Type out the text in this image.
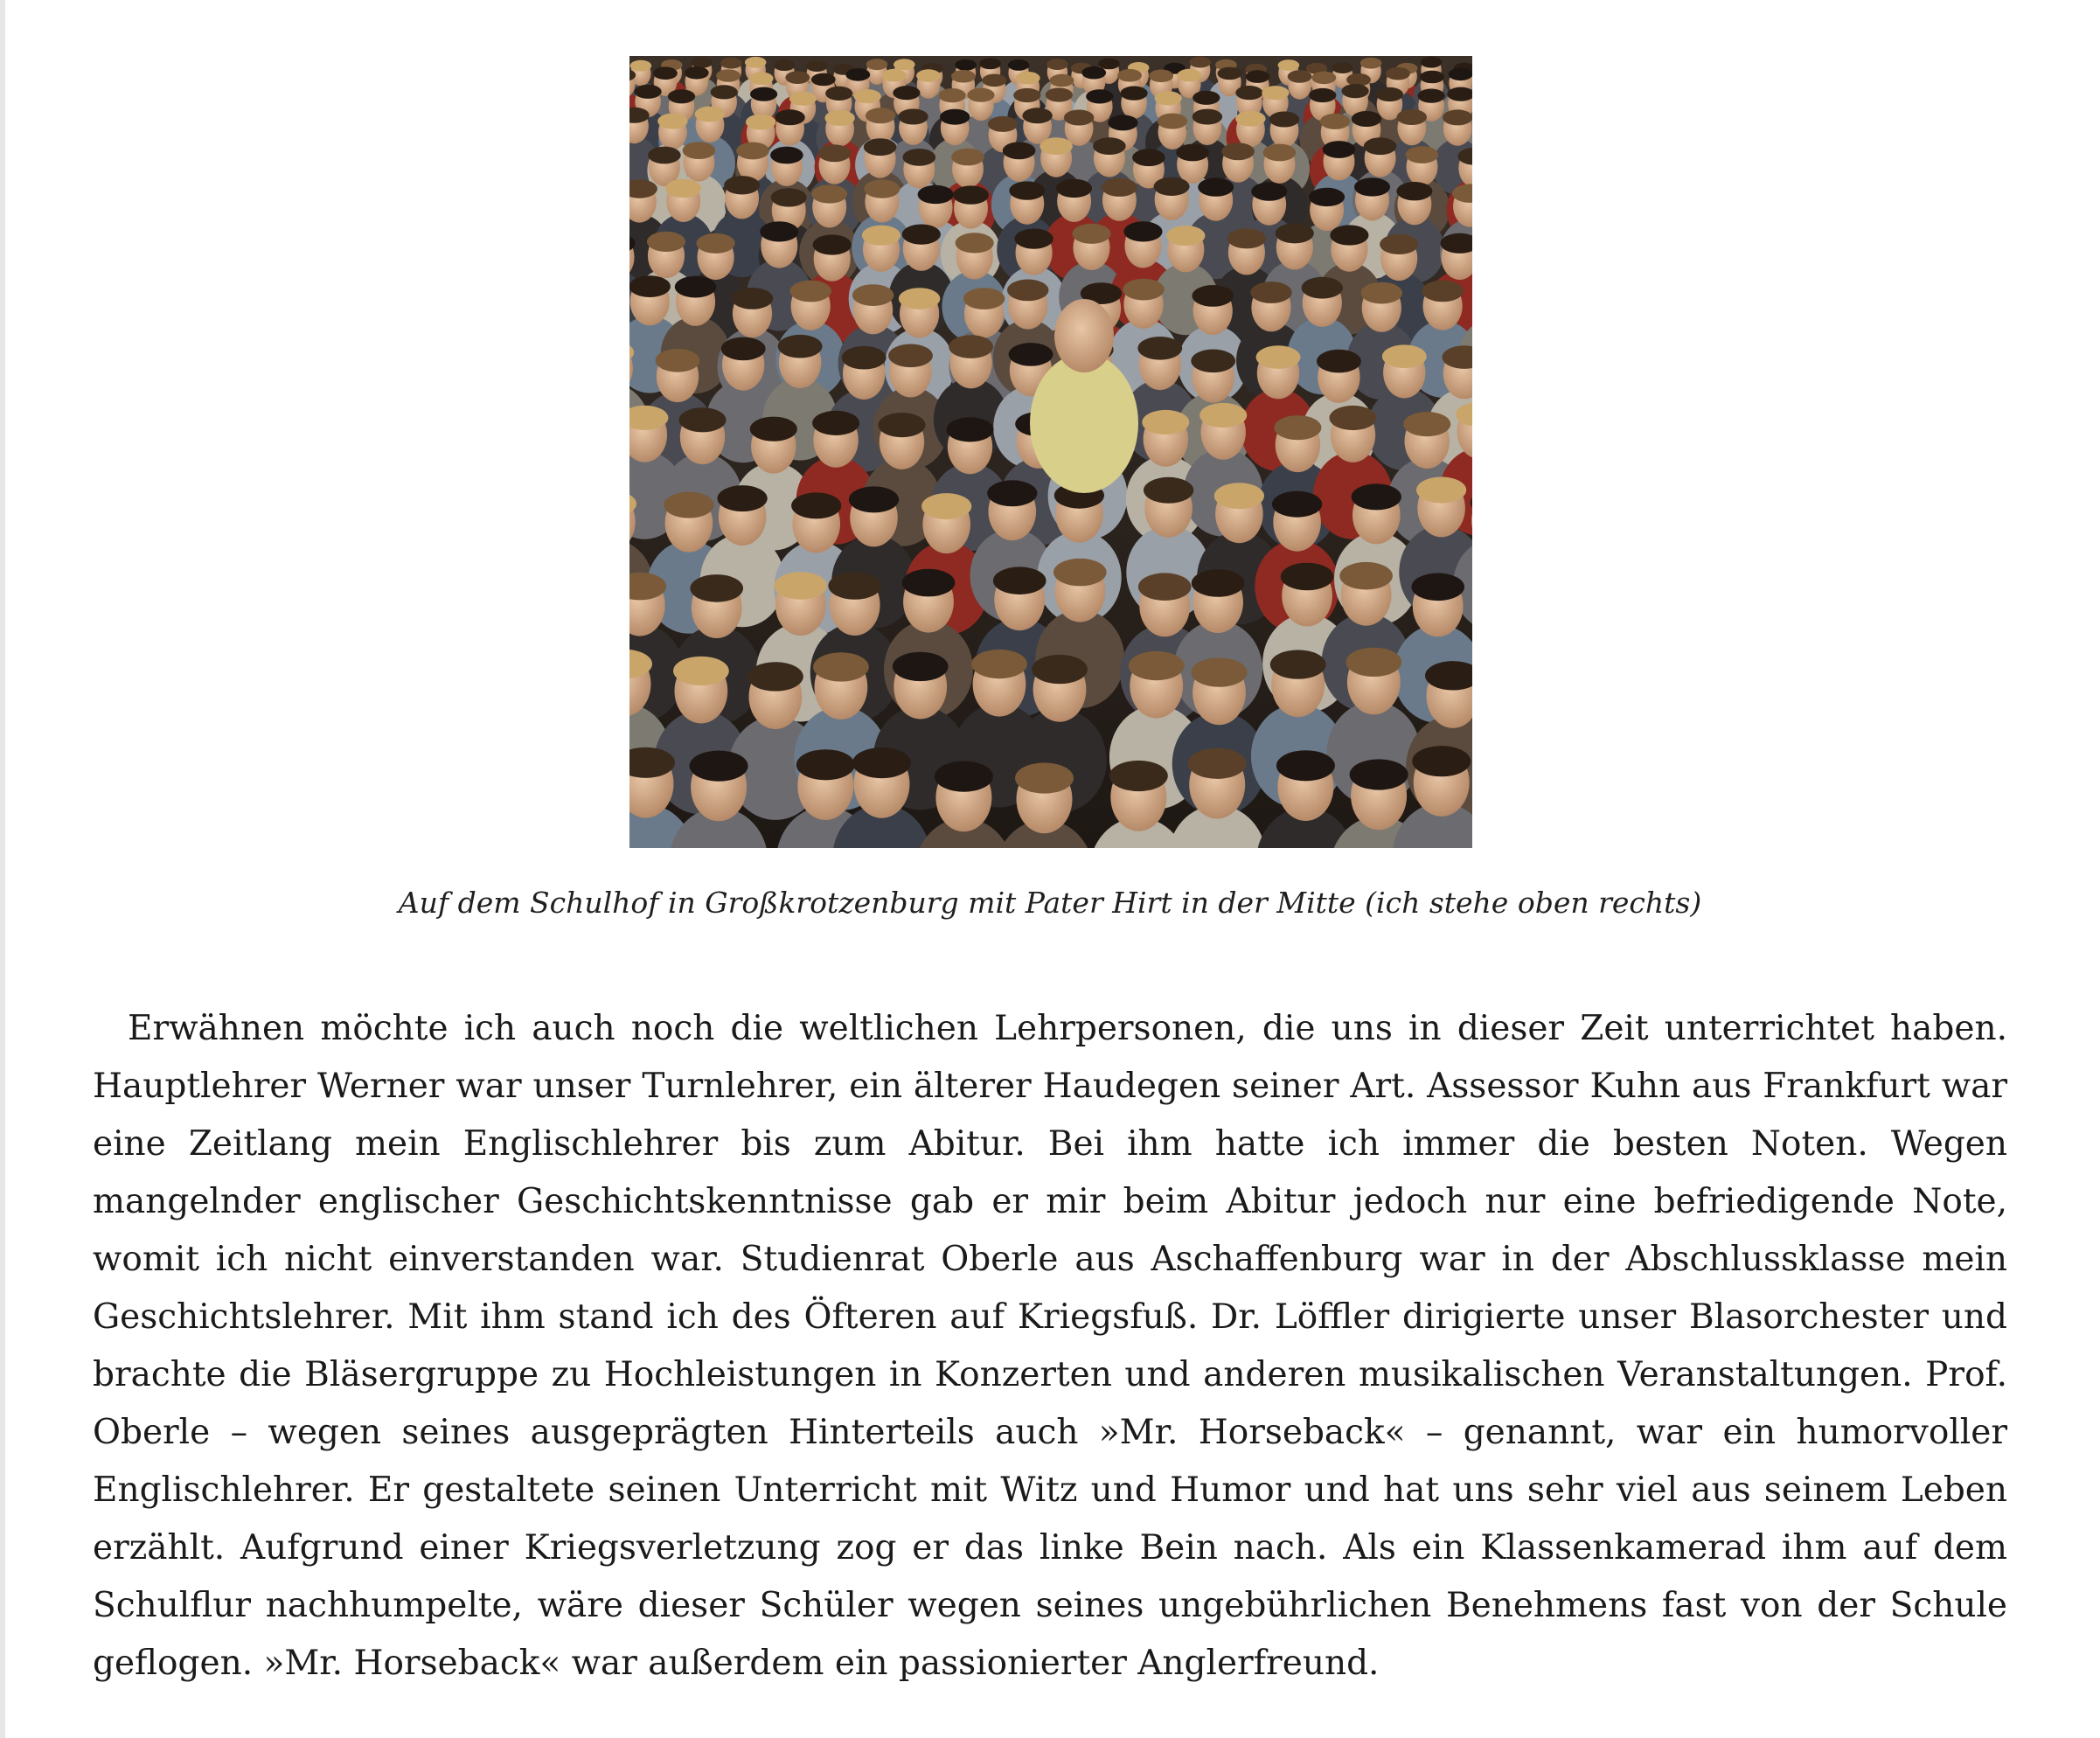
Auf dem Schulhof in Großkrotzenburg mit Pater Hirt in der Mitte (ich stehe oben rechts)

Erwähnen möchte ich auch noch die weltlichen Lehrpersonen, die uns in dieser Zeit unterrichtet haben. Hauptlehrer Werner war unser Turnlehrer, ein älterer Haudegen seiner Art. Assessor Kuhn aus Frankfurt war eine Zeitlang mein Englischlehrer bis zum Abitur. Bei ihm hatte ich immer die besten Noten. Wegen mangelnder englischer Geschichtskenntnisse gab er mir beim Abitur jedoch nur eine befriedigende Note, womit ich nicht einverstanden war. Studienrat Oberle aus Aschaffenburg war in der Abschlussklasse mein Geschichtslehrer. Mit ihm stand ich des Öfteren auf Kriegsfuß. Dr. Löffler dirigierte unser Blasorchester und brachte die Bläsergruppe zu Hochleistungen in Konzerten und anderen musikalischen Veranstaltungen. Prof. Oberle – wegen seines ausgeprägten Hinterteils auch »Mr. Horseback« – genannt, war ein humorvoller Englischlehrer. Er gestaltete seinen Unterricht mit Witz und Humor und hat uns sehr viel aus seinem Leben erzählt. Aufgrund einer Kriegsverletzung zog er das linke Bein nach. Als ein Klassenkamerad ihm auf dem Schulflur nachhumpelte, wäre dieser Schüler wegen seines ungebührlichen Benehmens fast von der Schule geflogen. »Mr. Horseback« war außerdem ein passionierter Anglerfreund.
